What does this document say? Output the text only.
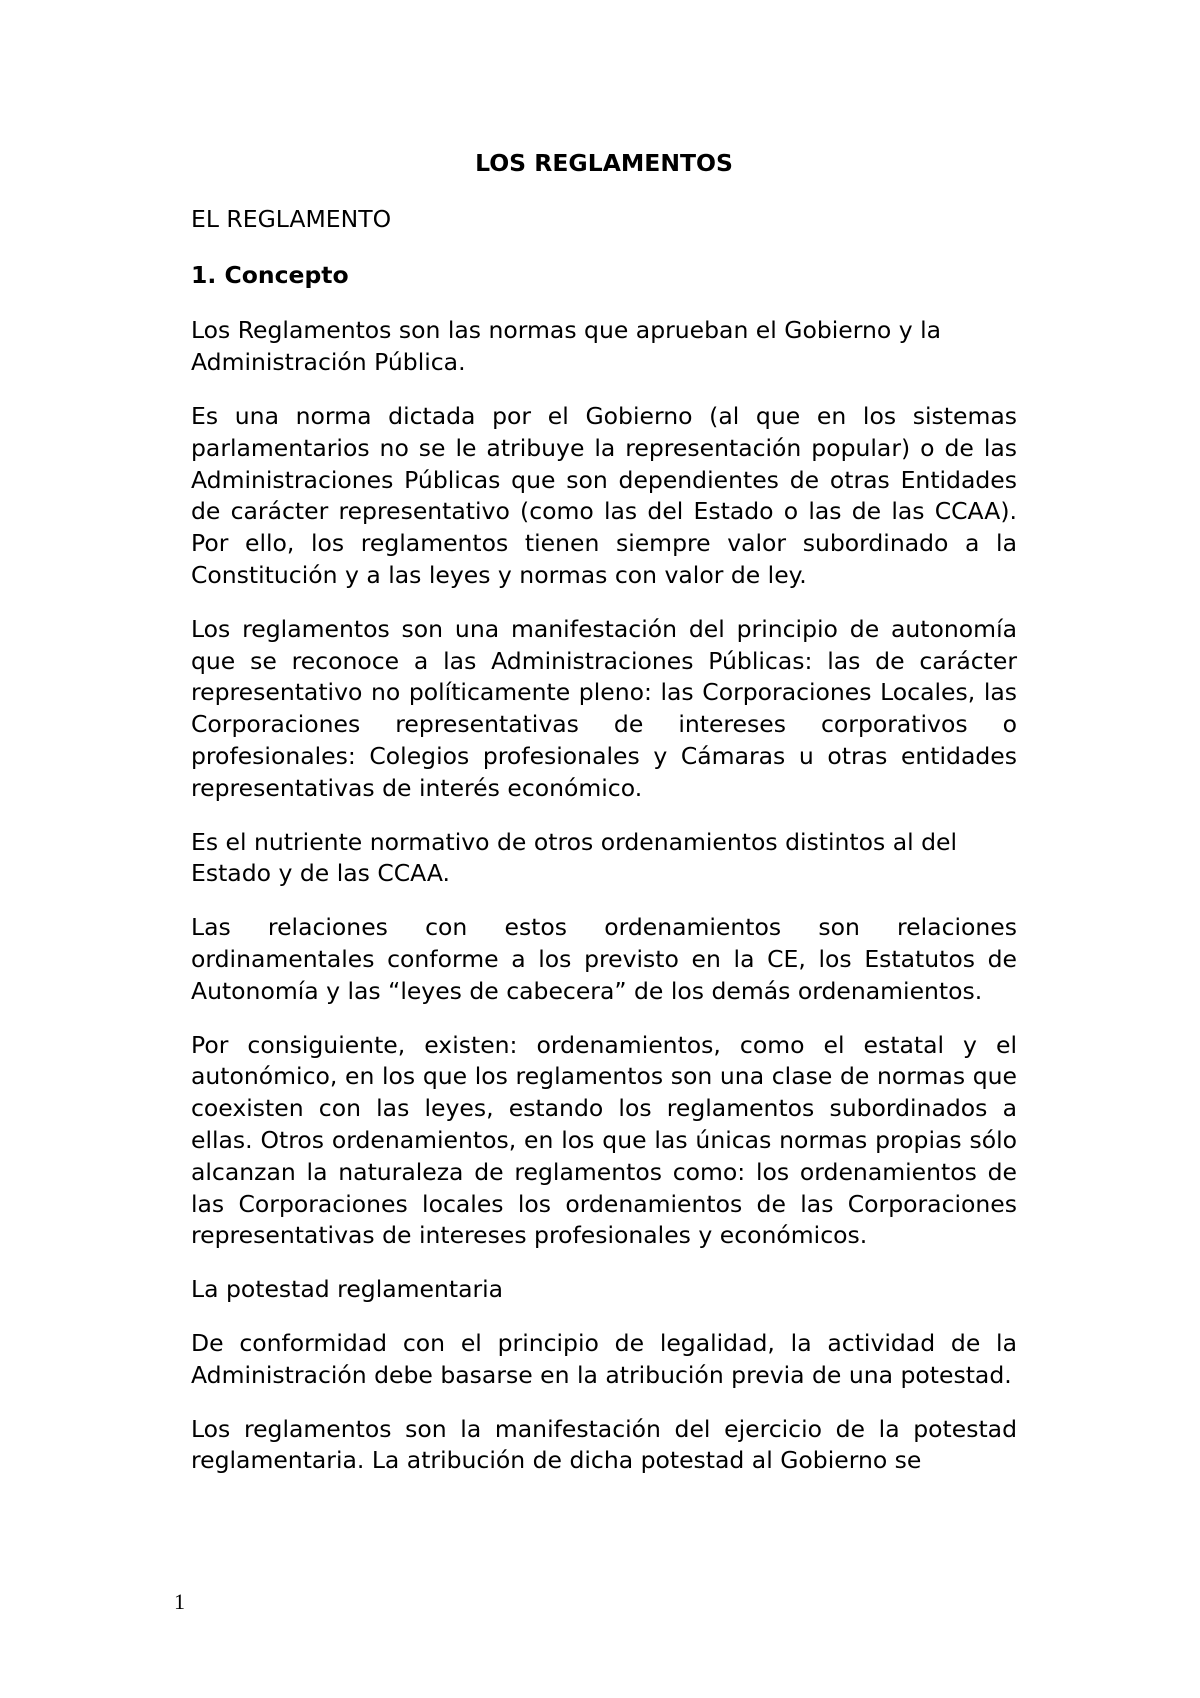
LOS REGLAMENTOS
EL REGLAMENTO
1. Concepto

Los Reglamentos son las normas que aprueban el Gobierno y la Administración Pública.

Es una norma dictada por el Gobierno (al que en los sistemas parlamentarios no se le atribuye la representación popular) o de las Administraciones Públicas que son dependientes de otras Entidades de carácter representativo (como las del Estado o las de las CCAA). Por ello, los reglamentos tienen siempre valor subordinado a la Constitución y a las leyes y normas con valor de ley.

Los reglamentos son una manifestación del principio de autonomía que se reconoce a las Administraciones Públicas: las de carácter representativo no políticamente pleno: las Corporaciones Locales, las Corporaciones representativas de intereses corporativos o profesionales: Colegios profesionales y Cámaras u otras entidades representativas de interés económico.

Es el nutriente normativo de otros ordenamientos distintos al del Estado y de las CCAA.

Las relaciones con estos ordenamientos son relaciones ordinamentales conforme a los previsto en la CE, los Estatutos de Autonomía y las “leyes de cabecera” de los demás ordenamientos.

Por consiguiente, existen: ordenamientos, como el estatal y el autonómico, en los que los reglamentos son una clase de normas que coexisten con las leyes, estando los reglamentos subordinados a ellas. Otros ordenamientos, en los que las únicas normas propias sólo alcanzan la naturaleza de reglamentos como: los ordenamientos de las Corporaciones locales los ordenamientos de las Corporaciones representativas de intereses profesionales y económicos.

La potestad reglamentaria

De conformidad con el principio de legalidad, la actividad de la Administración debe basarse en la atribución previa de una potestad.

Los reglamentos son la manifestación del ejercicio de la potestad reglamentaria. La atribución de dicha potestad al Gobierno se

1
